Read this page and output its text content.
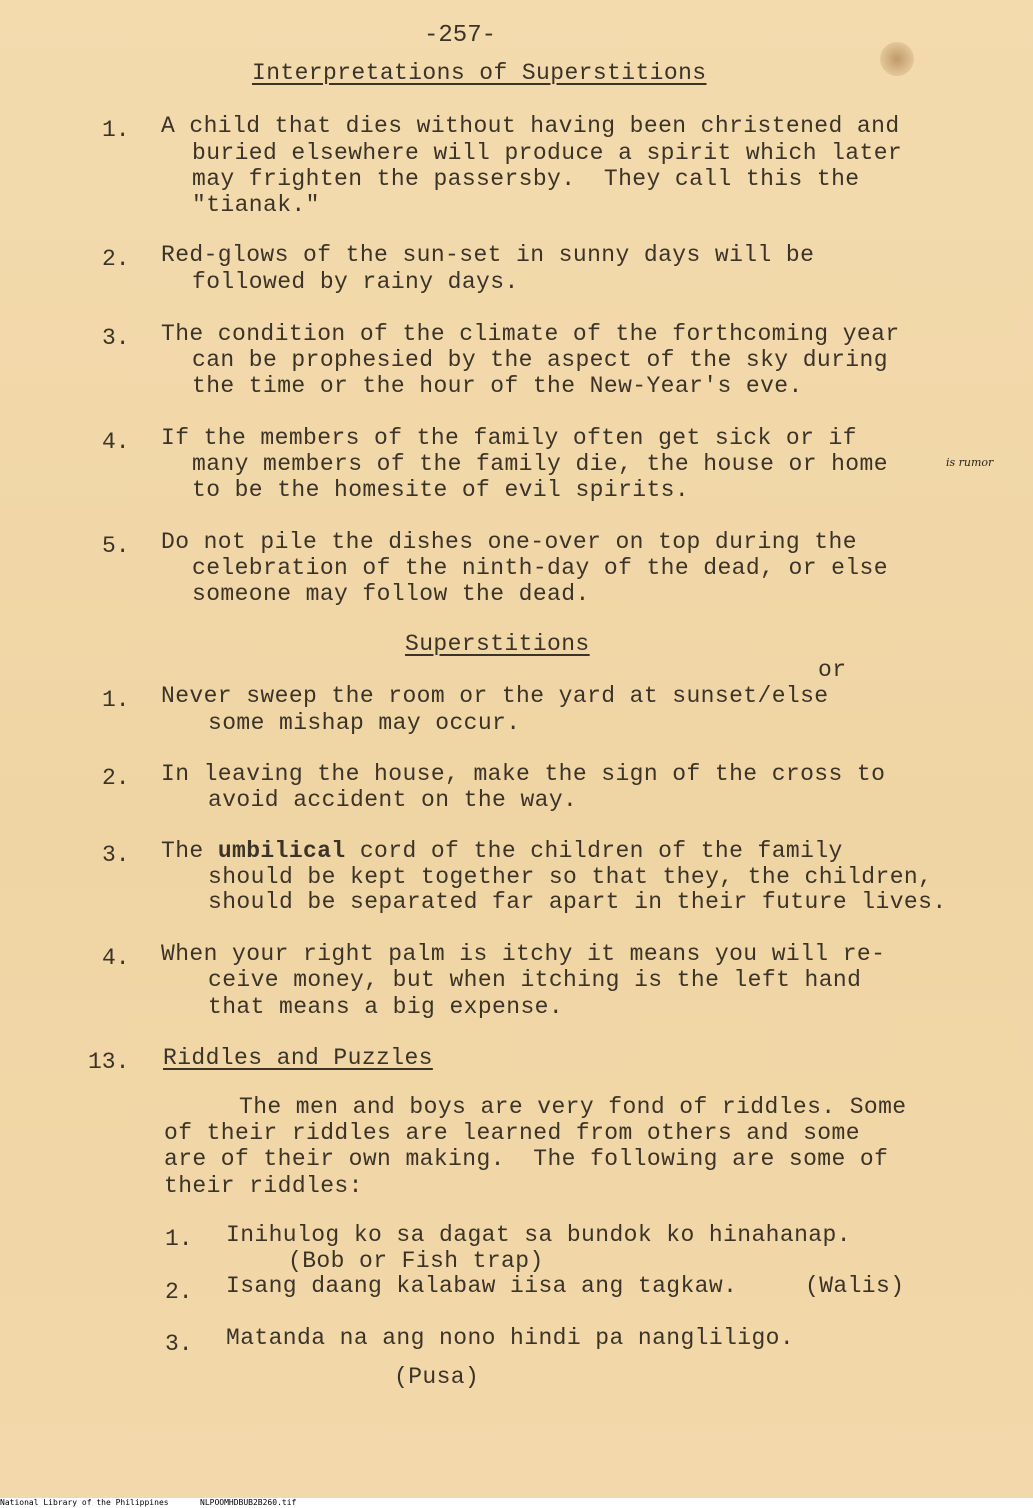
-257-
Interpretations of Superstitions
1. A child that dies without having been christened and
buried elsewhere will produce a spirit which later
may frighten the passersby.  They call this the
"tianak."
2. Red-glows of the sun-set in sunny days will be
followed by rainy days.
3. The condition of the climate of the forthcoming year
can be prophesied by the aspect of the sky during
the time or the hour of the New-Year's eve.
4. If the members of the family often get sick or if
many members of the family die, the house or home	is rumor
to be the homesite of evil spirits.
5. Do not pile the dishes one-over on top during the
celebration of the ninth-day of the dead, or else
someone may follow the dead.
Superstitions
or
1. Never sweep the room or the yard at sunset/else
some mishap may occur.
2. In leaving the house, make the sign of the cross to
avoid accident on the way.
3. The umbilical cord of the children of the family
should be kept together so that they, the children,
should be separated far apart in their future lives.
4. When your right palm is itchy it means you will re-
ceive money, but when itching is the left hand
that means a big expense.
13. Riddles and Puzzles
The men and boys are very fond of riddles. Some
of their riddles are learned from others and some
are of their own making.  The following are some of
their riddles:
1. Inihulog ko sa dagat sa bundok ko hinahanap.
(Bob or Fish trap)
2. Isang daang kalabaw iisa ang tagkaw.	(Walis)
3. Matanda na ang nono hindi pa nangliligo.
(Pusa)
National Library of the Philippines	NLPOOMHDBUB2B260.tif
